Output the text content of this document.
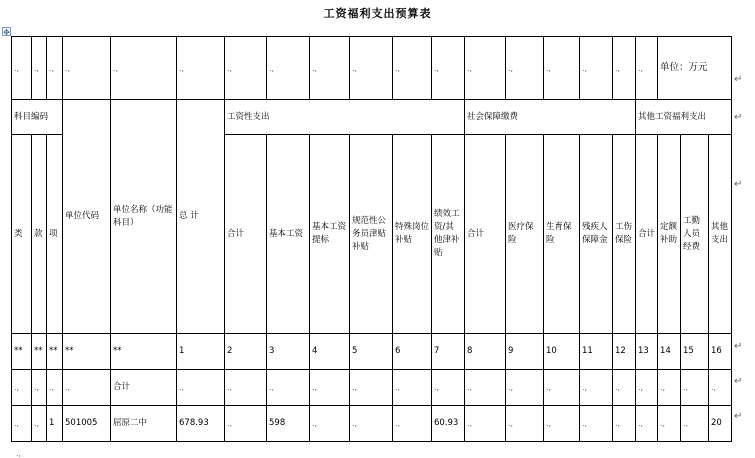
工资福利支出预算表
✥
.,	.,	.,	.,	.,	.,	.,	.,	.,	.,	.,	.,	.,	.,	.,	.,	.,	.,	单位：万元		
科目编码			单位代码	单位名称（功能科目）	总 计	工资性支出						社会保障缴费					其他工资福利支出			
类	款	项				合计	基本工资	基本工资提标	规范性公务员津贴补贴	特殊岗位补贴	绩效工资/其他津补贴	合计	医疗保险	生育保险	残疾人保障金	工伤保险	合计	定额补助	工勤人员经费	其他支出
**	**	**	**	**	1	2	3	4	5	6	7	8	9	10	11	12	13	14	15	16
.,	.,	.,	.,	合计	.,	.,	.,	.,	.,	.,	.,	.,	.,	.,	.,	.,	.,	.,	.,	.,
.,	.,	1	501005	屈原二中	678.93	.,	598	.,	.,	.,	60.93	.,	.,	.,	.,	.,	.,	.,	.,	20
↵
↵
↵
↵
↵
↵
.,
